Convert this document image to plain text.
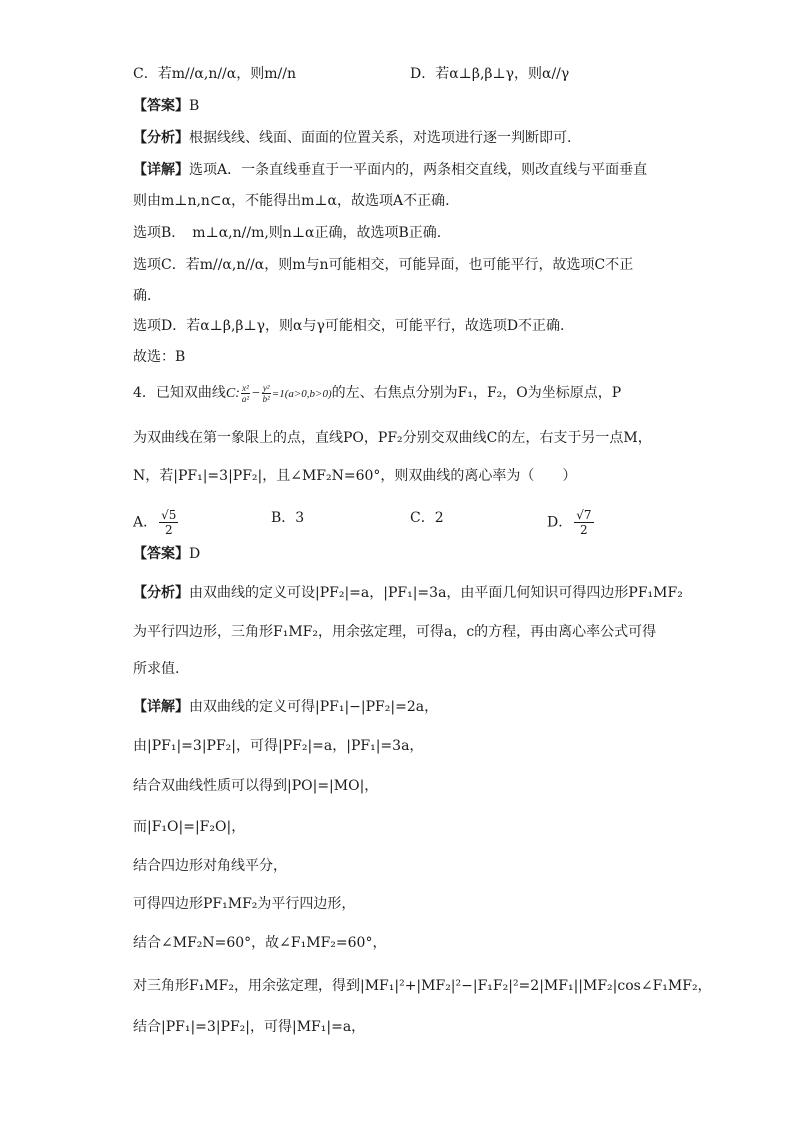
C．若m//α,n//α，则m//n	D．若α⊥β,β⊥γ，则α//γ
【答案】B
【分析】根据线线、线面、面面的位置关系，对选项进行逐一判断即可.
【详解】选项A．一条直线垂直于一平面内的，两条相交直线，则改直线与平面垂直
则由m⊥n,n⊂α，不能得出m⊥α，故选项A不正确.
选项B．　m⊥α,n//m,则n⊥α正确，故选项B正确.
选项C．若m//α,n//α，则m与n可能相交，可能异面，也可能平行，故选项C不正
确.
选项D．若α⊥β,β⊥γ，则α与γ可能相交，可能平行，故选项D不正确.
故选：B
4．已知双曲线C: $\frac{\text{x²}}{\text{a²}} - \frac{\text{y²}}{\text{b²}} =1(a>0,b>0)$的左、右焦点分别为F₁，F₂，O为坐标原点，P
为双曲线在第一象限上的点，直线PO，PF₂分别交双曲线C的左，右支于另一点M，
N，若|PF₁|=3|PF₂|，且∠MF₂N=60°，则双曲线的离心率为（　　）
A． $\frac{√5}{2}$	B．3	C．2	D． $\frac{√7}{2}$
【答案】D
【分析】由双曲线的定义可设|PF₂|=a，|PF₁|=3a，由平面几何知识可得四边形PF₁MF₂
为平行四边形，三角形F₁MF₂，用余弦定理，可得a，c的方程，再由离心率公式可得
所求值.
【详解】由双曲线的定义可得|PF₁|−|PF₂|=2a，
由|PF₁|=3|PF₂|，可得|PF₂|=a，|PF₁|=3a，
结合双曲线性质可以得到|PO|=|MO|，
而|F₁O|=|F₂O|，
结合四边形对角线平分，
可得四边形PF₁MF₂为平行四边形，
结合∠MF₂N=60°，故∠F₁MF₂=60°，
对三角形F₁MF₂，用余弦定理，得到|MF₁|²+|MF₂|²−|F₁F₂|²=2|MF₁||MF₂|cos∠F₁MF₂，
结合|PF₁|=3|PF₂|，可得|MF₁|=a，
